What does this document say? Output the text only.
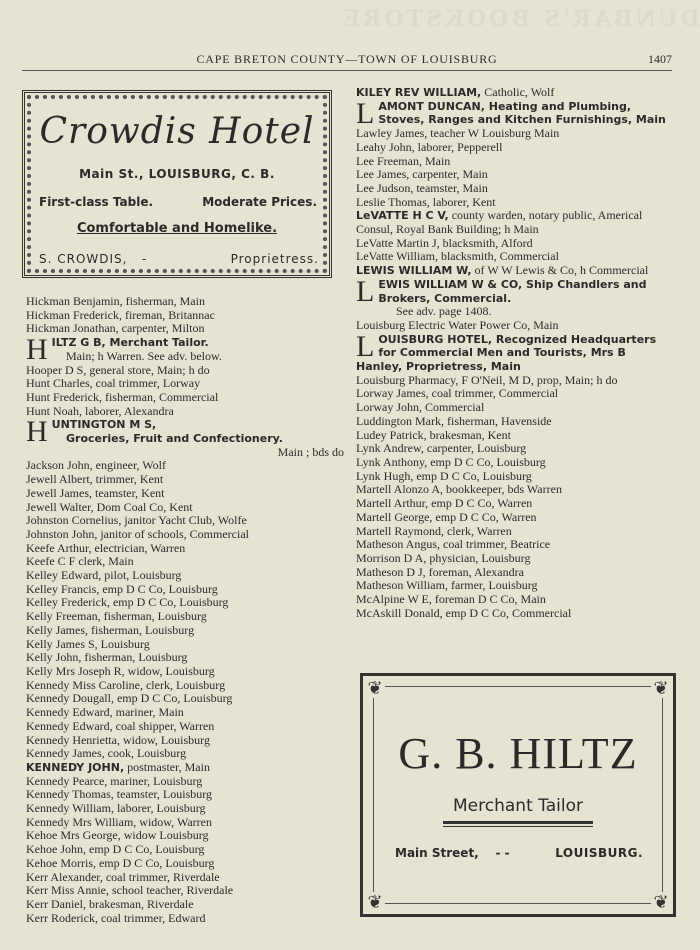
DUNBAR'S BOOKSTORE
CAPE BRETON COUNTY—TOWN OF LOUISBURG	1407
Crowdis Hotel
Main St., LOUISBURG, C. B.
First-class Table.	Moderate Prices.
Comfortable and Homelike.
S. CROWDIS, -	Proprietress.
Hickman Benjamin, fisherman, Main
Hickman Frederick, fireman, Britannac
Hickman Jonathan, carpenter, Milton
HILTZ G B, Merchant Tailor.
Main; h Warren. See adv. below.
Hooper D S, general store, Main; h do
Hunt Charles, coal trimmer, Lorway
Hunt Frederick, fisherman, Commercial
Hunt Noah, laborer, Alexandra
HUNTINGTON M S,
Groceries, Fruit and Confectionery.
Main ; bds do
Jackson John, engineer, Wolf
Jewell Albert, trimmer, Kent
Jewell James, teamster, Kent
Jewell Walter, Dom Coal Co, Kent
Johnston Cornelius, janitor Yacht Club, Wolfe
Johnston John, janitor of schools, Commercial
Keefe Arthur, electrician, Warren
Keefe C F clerk, Main
Kelley Edward, pilot, Louisburg
Kelley Francis, emp D C Co, Louisburg
Kelley Frederick, emp D C Co, Louisburg
Kelly Freeman, fisherman, Louisburg
Kelly James, fisherman, Louisburg
Kelly James S, Louisburg
Kelly John, fisherman, Louisburg
Kelly Mrs Joseph R, widow, Louisburg
Kennedy Miss Caroline, clerk, Louisburg
Kennedy Dougall, emp D C Co, Louisburg
Kennedy Edward, mariner, Main
Kennedy Edward, coal shipper, Warren
Kennedy Henrietta, widow, Louisburg
Kennedy James, cook, Louisburg
KENNEDY JOHN, postmaster, Main
Kennedy Pearce, mariner, Louisburg
Kennedy Thomas, teamster, Louisburg
Kennedy William, laborer, Louisburg
Kennedy Mrs William, widow, Warren
Kehoe Mrs George, widow Louisburg
Kehoe John, emp D C Co, Louisburg
Kehoe Morris, emp D C Co, Louisburg
Kerr Alexander, coal trimmer, Riverdale
Kerr Miss Annie, school teacher, Riverdale
Kerr Daniel, brakesman, Riverdale
Kerr Roderick, coal trimmer, Edward
KILEY REV WILLIAM, Catholic, Wolf
LAMONT DUNCAN, Heating and Plumbing, Stoves, Ranges and Kitchen Furnishings, Main
Lawley James, teacher W Louisburg Main
Leahy John, laborer, Pepperell
Lee Freeman, Main
Lee James, carpenter, Main
Lee Judson, teamster, Main
Leslie Thomas, laborer, Kent
LeVATTE H C V, county warden, notary public, Americal Consul, Royal Bank Building; h Main
LeVatte Martin J, blacksmith, Alford
LeVatte William, blacksmith, Commercial
LEWIS WILLIAM W, of W W Lewis & Co, h Commercial
LEWIS WILLIAM W & CO, Ship Chandlers and Brokers, Commercial.
See adv. page 1408.
Louisburg Electric Water Power Co, Main
LOUISBURG HOTEL, Recognized Headquarters for Commercial Men and Tourists, Mrs B Hanley, Proprietress, Main
Louisburg Pharmacy, F O'Neil, M D, prop, Main; h do
Lorway James, coal trimmer, Commercial
Lorway John, Commercial
Luddington Mark, fisherman, Havenside
Ludey Patrick, brakesman, Kent
Lynk Andrew, carpenter, Louisburg
Lynk Anthony, emp D C Co, Louisburg
Lynk Hugh, emp D C Co, Louisburg
Martell Alonzo A, bookkeeper, bds Warren
Martell Arthur, emp D C Co, Warren
Martell George, emp D C Co, Warren
Martell Raymond, clerk, Warren
Matheson Angus, coal trimmer, Beatrice
Morrison D A, physician, Louisburg
Matheson D J, foreman, Alexandra
Matheson William, farmer, Louisburg
McAlpine W E, foreman D C Co, Main
McAskill Donald, emp D C Co, Commercial
❦	❦
❦	❦
G. B. HILTZ
Merchant Tailor
Main Street, - -	LOUISBURG.
